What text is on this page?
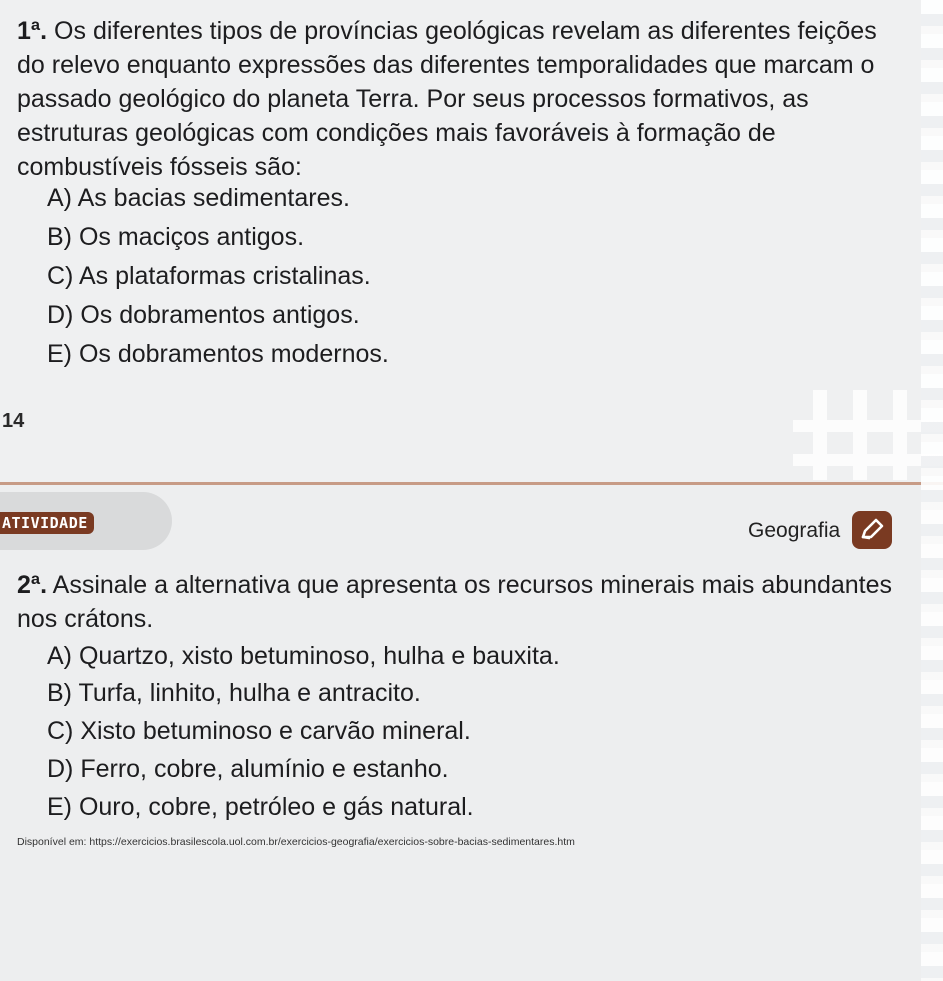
1ª. Os diferentes tipos de províncias geológicas revelam as diferentes feições do relevo enquanto expressões das diferentes temporalidades que marcam o passado geológico do planeta Terra. Por seus processos formativos, as estruturas geológicas com condições mais favoráveis à formação de combustíveis fósseis são:
A) As bacias sedimentares.
B) Os maciços antigos.
C) As plataformas cristalinas.
D) Os dobramentos antigos.
E) Os dobramentos modernos.
14
ATIVIDADE	Geografia
2ª. Assinale a alternativa que apresenta os recursos minerais mais abundantes nos crátons.
A) Quartzo, xisto betuminoso, hulha e bauxita.
B) Turfa, linhito, hulha e antracito.
C) Xisto betuminoso e carvão mineral.
D) Ferro, cobre, alumínio e estanho.
E) Ouro, cobre, petróleo e gás natural.
Disponível em: https://exercicios.brasilescola.uol.com.br/exercicios-geografia/exercicios-sobre-bacias-sedimentares.htm
